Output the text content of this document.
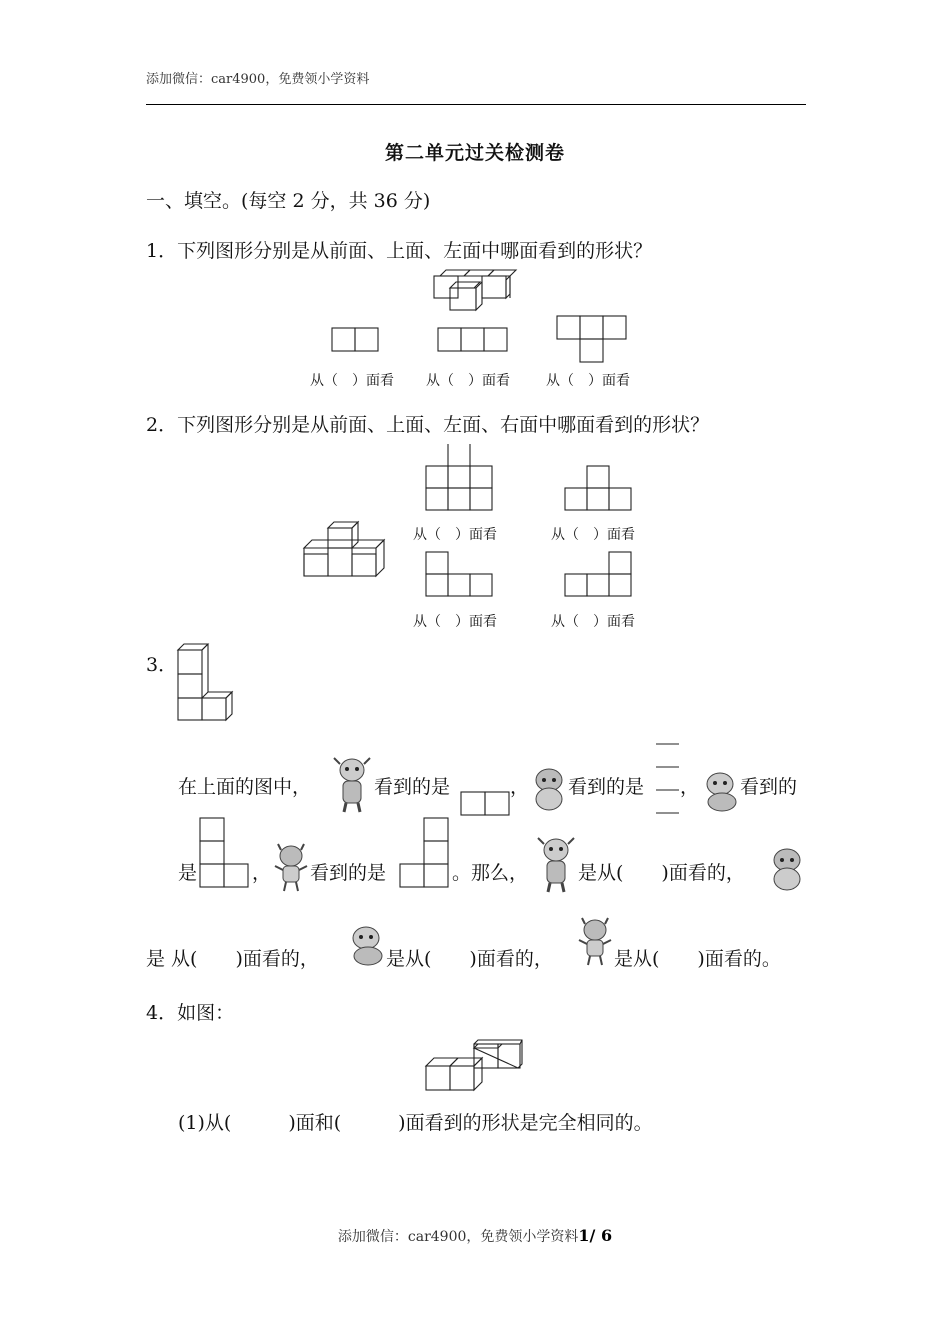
添加微信：car4900，免费领小学资料
第二单元过关检测卷
一、填空。(每空 2 分，共 36 分)
1．下列图形分别是从前面、上面、左面中哪面看到的形状？
从（　）面看 从（　）面看	从（　）面看
2．下列图形分别是从前面、上面、左面、右面中哪面看到的形状？
从（　）面看	从（　）面看
从（　）面看	从（　）面看
3．
在上面的图中，	看到的是	， 看到的是 ， 看到的
是	， 看到的是	。那么，	是从(　　)面看的，
是 从(　　)面看的，	是从(　　)面看的，	是从(　　)面看的。
4．如图：
(1)从(　　　)面和(　　　)面看到的形状是完全相同的。
添加微信：car4900，免费领小学资料1/ 6
